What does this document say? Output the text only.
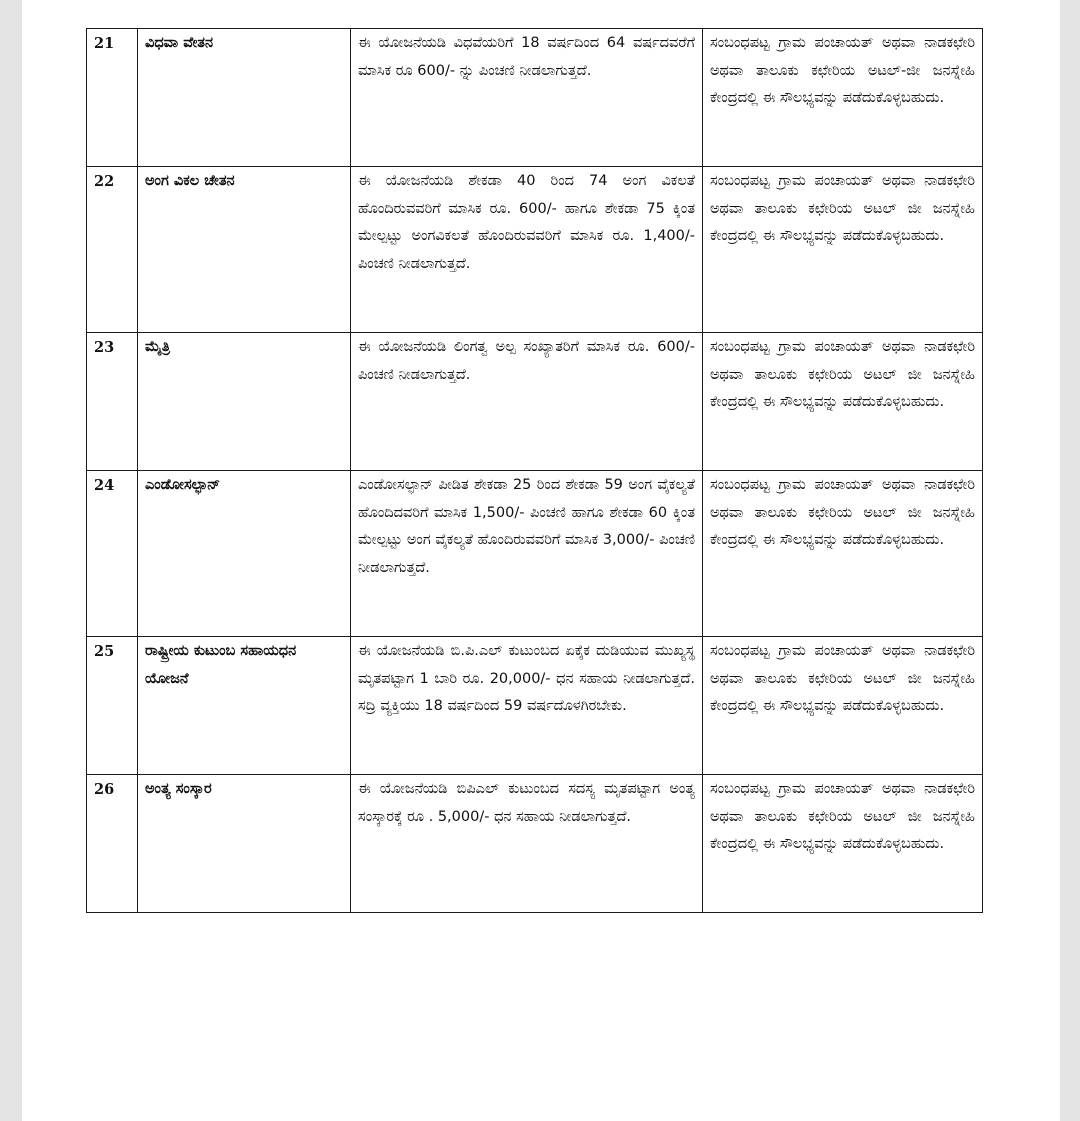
21	ವಿಧವಾ ವೇತನ	ಈ ಯೋಜನೆಯಡಿ ವಿಧವೆಯರಿಗೆ 18 ವರ್ಷದಿಂದ 64 ವರ್ಷದವರೆಗೆ ಮಾಸಿಕ ರೂ 600/- ನ್ನು ಪಿಂಚಣಿ ನೀಡಲಾಗುತ್ತದೆ.	ಸಂಬಂಧಪಟ್ಟ ಗ್ರಾಮ ಪಂಚಾಯತ್ ಅಥವಾ ನಾಡಕಛೇರಿ ಅಥವಾ ತಾಲೂಕು ಕಛೇರಿಯ ಅಟಲ್-ಜೀ ಜನಸ್ನೇಹಿ ಕೇಂದ್ರದಲ್ಲಿ ಈ ಸೌಲಭ್ಯವನ್ನು ಪಡೆದುಕೊಳ್ಳಬಹುದು.
22	ಅಂಗ ವಿಕಲ ಚೇತನ	ಈ ಯೋಜನೆಯಡಿ ಶೇಕಡಾ 40 ರಿಂದ 74 ಅಂಗ ವಿಕಲತೆ ಹೊಂದಿರುವವರಿಗೆ ಮಾಸಿಕ ರೂ. 600/- ಹಾಗೂ ಶೇಕಡಾ 75 ಕ್ಕಿಂತ ಮೇಲ್ಪಟ್ಟು ಅಂಗವಿಕಲತೆ ಹೊಂದಿರುವವರಿಗೆ ಮಾಸಿಕ ರೂ. 1,400/- ಪಿಂಚಣಿ ನೀಡಲಾಗುತ್ತದೆ.	ಸಂಬಂಧಪಟ್ಟ ಗ್ರಾಮ ಪಂಚಾಯತ್ ಅಥವಾ ನಾಡಕಛೇರಿ ಅಥವಾ ತಾಲೂಕು ಕಛೇರಿಯ ಅಟಲ್ ಜೀ ಜನಸ್ನೇಹಿ ಕೇಂದ್ರದಲ್ಲಿ ಈ ಸೌಲಭ್ಯವನ್ನು ಪಡೆದುಕೊಳ್ಳಬಹುದು.
23	ಮೈತ್ರಿ	ಈ ಯೋಜನೆಯಡಿ ಲಿಂಗತ್ವ ಅಲ್ಪ ಸಂಖ್ಯಾತರಿಗೆ ಮಾಸಿಕ ರೂ. 600/- ಪಿಂಚಣಿ ನೀಡಲಾಗುತ್ತದೆ.	ಸಂಬಂಧಪಟ್ಟ ಗ್ರಾಮ ಪಂಚಾಯತ್ ಅಥವಾ ನಾಡಕಛೇರಿ ಅಥವಾ ತಾಲೂಕು ಕಛೇರಿಯ ಅಟಲ್ ಜೀ ಜನಸ್ನೇಹಿ ಕೇಂದ್ರದಲ್ಲಿ ಈ ಸೌಲಭ್ಯವನ್ನು ಪಡೆದುಕೊಳ್ಳಬಹುದು.
24	ಎಂಡೋಸಲ್ಫಾನ್	ಎಂಡೋಸಲ್ಫಾನ್ ಪೀಡಿತ ಶೇಕಡಾ 25 ರಿಂದ ಶೇಕಡಾ 59 ಅಂಗ ವೈಕಲ್ಯತೆ ಹೊಂದಿದವರಿಗೆ ಮಾಸಿಕ 1,500/- ಪಿಂಚಣಿ ಹಾಗೂ ಶೇಕಡಾ 60 ಕ್ಕಿಂತ ಮೇಲ್ಪಟ್ಟು ಅಂಗ ವೈಕಲ್ಯತೆ ಹೊಂದಿರುವವರಿಗೆ ಮಾಸಿಕ 3,000/- ಪಿಂಚಣಿ ನೀಡಲಾಗುತ್ತದೆ.	ಸಂಬಂಧಪಟ್ಟ ಗ್ರಾಮ ಪಂಚಾಯತ್ ಅಥವಾ ನಾಡಕಛೇರಿ ಅಥವಾ ತಾಲೂಕು ಕಛೇರಿಯ ಅಟಲ್ ಜೀ ಜನಸ್ನೇಹಿ ಕೇಂದ್ರದಲ್ಲಿ ಈ ಸೌಲಭ್ಯವನ್ನು ಪಡೆದುಕೊಳ್ಳಬಹುದು.
25	ರಾಷ್ಟ್ರೀಯ ಕುಟುಂಬ ಸಹಾಯಧನ ಯೋಜನೆ	ಈ ಯೋಜನೆಯಡಿ ಬಿ.ಪಿ.ಎಲ್ ಕುಟುಂಬದ ಏಕೈಕ ದುಡಿಯುವ ಮುಖ್ಯಸ್ಥ ಮೃತಪಟ್ಟಾಗ 1 ಬಾರಿ ರೂ. 20,000/- ಧನ ಸಹಾಯ ನೀಡಲಾಗುತ್ತದೆ. ಸದ್ರಿ ವ್ಯಕ್ತಿಯು 18 ವರ್ಷದಿಂದ 59 ವರ್ಷದೊಳಗಿರಬೇಕು.	ಸಂಬಂಧಪಟ್ಟ ಗ್ರಾಮ ಪಂಚಾಯತ್ ಅಥವಾ ನಾಡಕಛೇರಿ ಅಥವಾ ತಾಲೂಕು ಕಛೇರಿಯ ಅಟಲ್ ಜೀ ಜನಸ್ನೇಹಿ ಕೇಂದ್ರದಲ್ಲಿ ಈ ಸೌಲಭ್ಯವನ್ನು ಪಡೆದುಕೊಳ್ಳಬಹುದು.
26	ಅಂತ್ಯ ಸಂಸ್ಕಾರ	ಈ ಯೋಜನೆಯಡಿ ಬಿಪಿಎಲ್ ಕುಟುಂಬದ ಸದಸ್ಯ ಮೃತಪಟ್ಟಾಗ ಅಂತ್ಯ ಸಂಸ್ಕಾರಕ್ಕೆ ರೂ . 5,000/- ಧನ ಸಹಾಯ ನೀಡಲಾಗುತ್ತದೆ.	ಸಂಬಂಧಪಟ್ಟ ಗ್ರಾಮ ಪಂಚಾಯತ್ ಅಥವಾ ನಾಡಕಛೇರಿ ಅಥವಾ ತಾಲೂಕು ಕಛೇರಿಯ ಅಟಲ್ ಜೀ ಜನಸ್ನೇಹಿ ಕೇಂದ್ರದಲ್ಲಿ ಈ ಸೌಲಭ್ಯವನ್ನು ಪಡೆದುಕೊಳ್ಳಬಹುದು.
